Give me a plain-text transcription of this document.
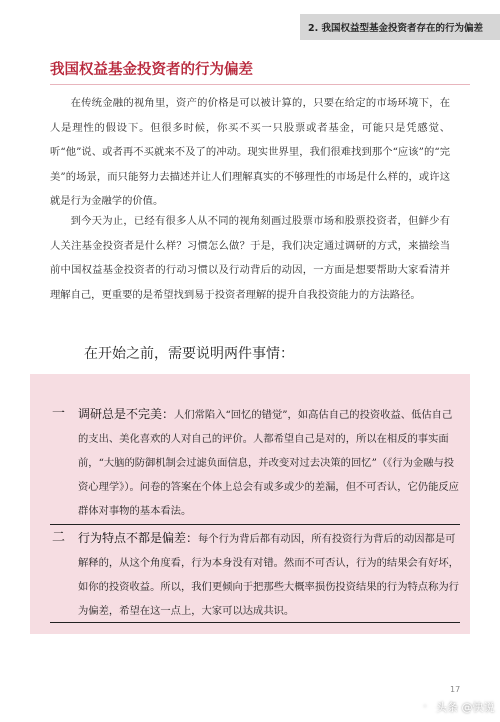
2. 我国权益型基金投资者存在的行为偏差
我国权益基金投资者的行为偏差

在传统金融的视角里，资产的价格是可以被计算的，只要在给定的市场环境下，在人是理性的假设下。但很多时候，你买不买一只股票或者基金，可能只是凭感觉、听“他”说、或者再不买就来不及了的冲动。现实世界里，我们很难找到那个“应该”的“完美”的场景，而只能努力去描述并让人们理解真实的不够理性的市场是什么样的，或许这就是行为金融学的价值。

到今天为止，已经有很多人从不同的视角刻画过股票市场和股票投资者，但鲜少有人关注基金投资者是什么样？习惯怎么做？于是，我们决定通过调研的方式，来描绘当前中国权益基金投资者的行动习惯以及行动背后的动因，一方面是想要帮助大家看清并理解自己，更重要的是希望找到易于投资者理解的提升自我投资能力的方法路径。

在开始之前，需要说明两件事情：
一	调研总是不完美：人们常陷入“回忆的错觉”，如高估自己的投资收益、低估自己的支出、美化喜欢的人对自己的评价。人都希望自己是对的，所以在相反的事实面前，“大脑的防御机制会过滤负面信息，并改变对过去决策的回忆”（《行为金融与投资心理学》）。问卷的答案在个体上总会有或多或少的差漏，但不可否认，它仍能反应群体对事物的基本看法。
二	行为特点不都是偏差：每个行为背后都有动因，所有投资行为背后的动因都是可解释的，从这个角度看，行为本身没有对错。然而不可否认，行为的结果会有好坏，如你的投资收益。所以，我们更倾向于把那些大概率损伤投资结果的行为特点称为行为偏差，希望在这一点上，大家可以达成共识。
17
◦ 头条 @快说
